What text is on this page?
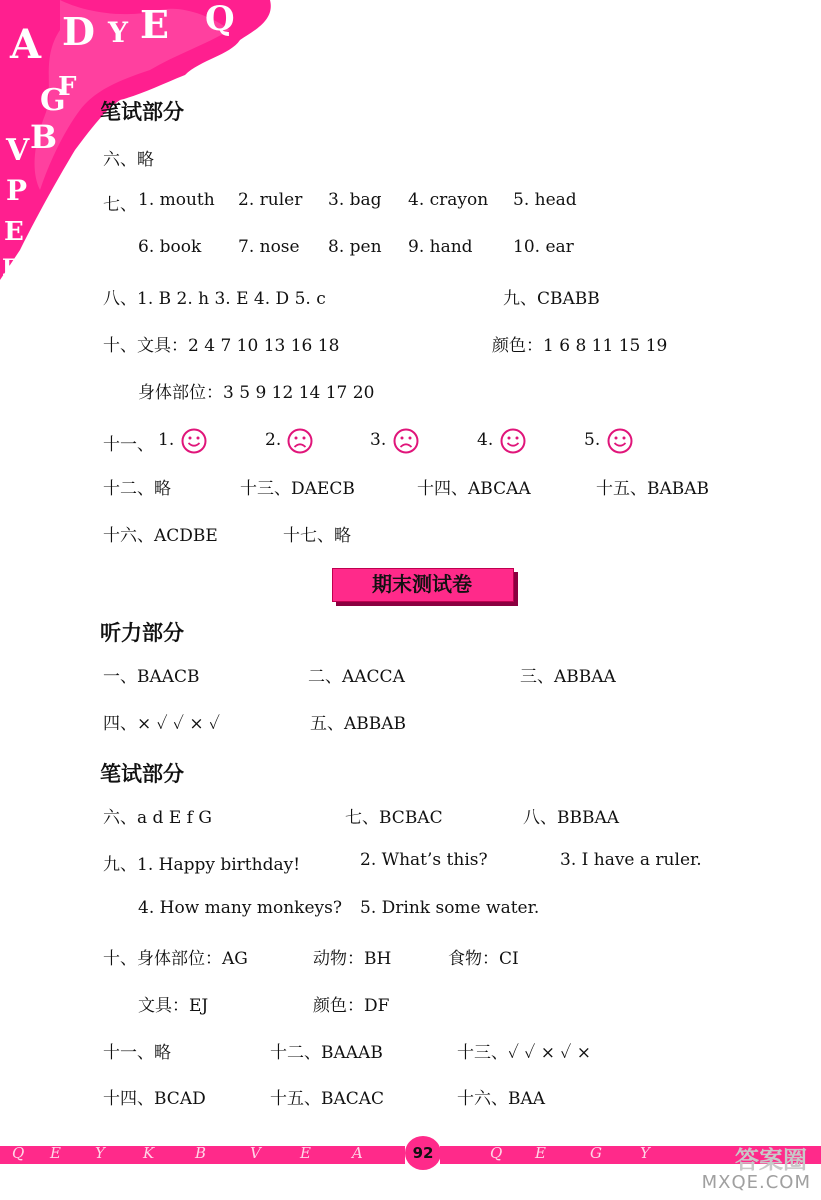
A D Y E Q
G
F
B
V
P
E
E
笔试部分
六、略
七、 1. mouth 2. ruler 3. bag 4. crayon 5. head
6. book 7. nose 8. pen 9. hand 10. ear
八、1. B 2. h 3. E 4. D 5. c	九、CBABB
十、文具：2 4 7 10 13 16 18	颜色：1 6 8 11 15 19
身体部位：3 5 9 12 14 17 20
十一、 1.	2.	3.	4.	5.
十二、略	十三、DAECB	十四、ABCAA	十五、BABAB
十六、ACDBE	十七、略
期末测试卷
听力部分
一、BAACB	二、AACCA	三、ABBAA
四、× ✓ ✓ × ✓	五、ABBAB
笔试部分
六、a d E f G	七、BCBAC	八、BBBAA
九、1. Happy birthday!	2. What’s this?	3. I have a ruler.
4. How many monkeys? 5. Drink some water.
十、身体部位：AG	动物：BH	食物：CI
文具：EJ	颜色：DF
十一、略	十二、BAAAB	十三、✓ ✓ × ✓ ×
十四、BCAD	十五、BACAC	十六、BAA
Q E Y	K	B	V	E	A	Q E	G	Y
92	答案圈
MXQE.COM
